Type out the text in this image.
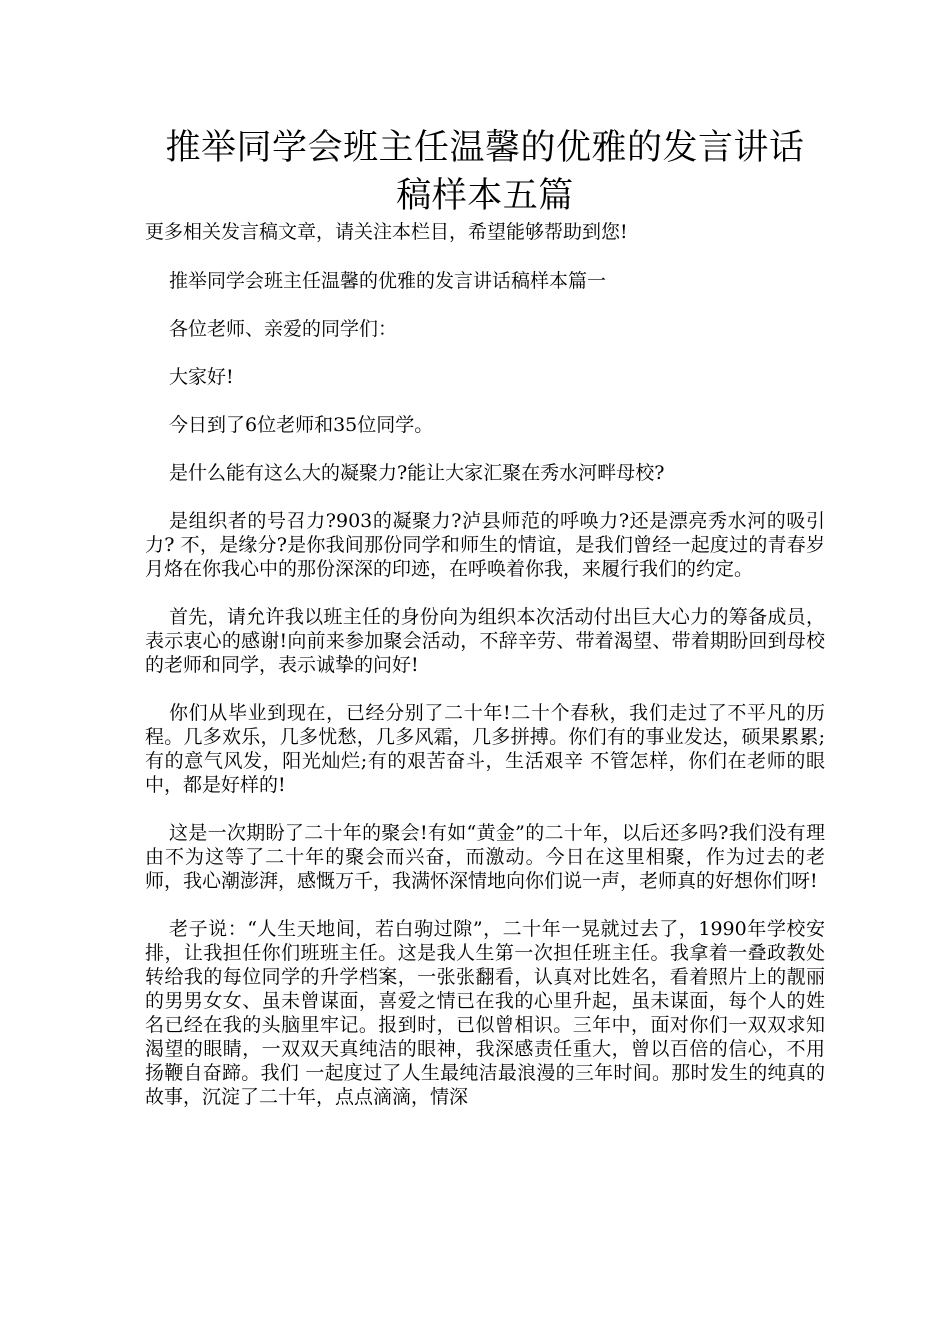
推举同学会班主任温馨的优雅的发言讲话
稿样本五篇

更多相关发言稿文章，请关注本栏目，希望能够帮助到您!

推举同学会班主任温馨的优雅的发言讲话稿样本篇一

各位老师、亲爱的同学们：

大家好!

今日到了6位老师和35位同学。

是什么能有这么大的凝聚力?能让大家汇聚在秀水河畔母校?

是组织者的号召力?903的凝聚力?泸县师范的呼唤力?还是漂亮秀水河的吸引力? 不，是缘分?是你我间那份同学和师生的情谊，是我们曾经一起度过的青春岁月烙在你我心中的那份深深的印迹，在呼唤着你我，来履行我们的约定。

首先，请允许我以班主任的身份向为组织本次活动付出巨大心力的筹备成员，表示衷心的感谢!向前来参加聚会活动，不辞辛劳、带着渴望、带着期盼回到母校的老师和同学，表示诚挚的问好!

你们从毕业到现在，已经分别了二十年!二十个春秋，我们走过了不平凡的历程。几多欢乐，几多忧愁，几多风霜，几多拼搏。你们有的事业发达，硕果累累;有的意气风发，阳光灿烂;有的艰苦奋斗，生活艰辛 不管怎样，你们在老师的眼中，都是好样的!

这是一次期盼了二十年的聚会!有如“黄金”的二十年，以后还多吗?我们没有理由不为这等了二十年的聚会而兴奋，而激动。今日在这里相聚，作为过去的老师，我心潮澎湃，感慨万千，我满怀深情地向你们说一声，老师真的好想你们呀!

老子说：“人生天地间，若白驹过隙”，二十年一晃就过去了，1990年学校安排，让我担任你们班班主任。这是我人生第一次担任班主任。我拿着一叠政教处转给我的每位同学的升学档案，一张张翻看，认真对比姓名，看着照片上的靓丽的男男女女、虽未曾谋面，喜爱之情已在我的心里升起，虽未谋面，每个人的姓名已经在我的头脑里牢记。报到时，已似曾相识。三年中，面对你们一双双求知渴望的眼睛，一双双天真纯洁的眼神，我深感责任重大，曾以百倍的信心，不用扬鞭自奋蹄。我们 一起度过了人生最纯洁最浪漫的三年时间。那时发生的纯真的故事，沉淀了二十年，点点滴滴，情深
